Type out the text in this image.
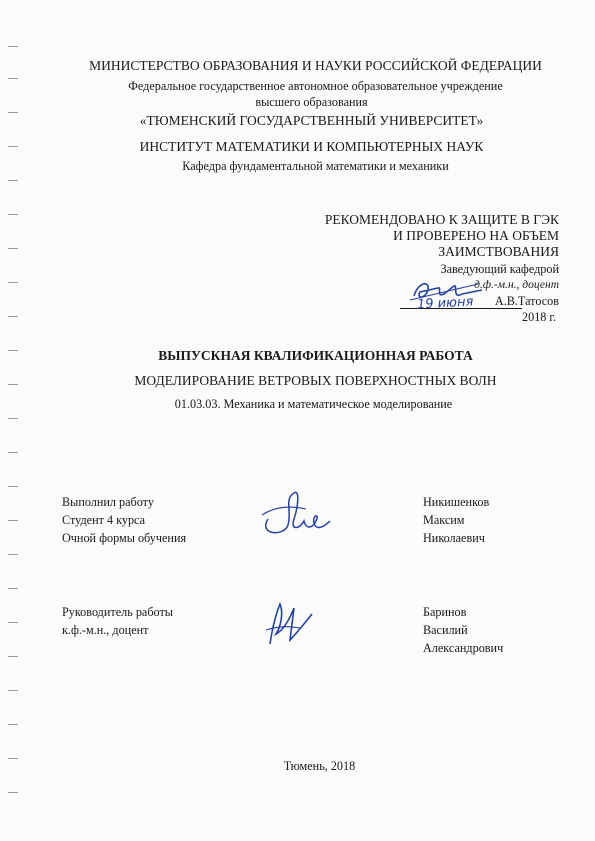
МИНИСТЕРСТВО ОБРАЗОВАНИЯ И НАУКИ РОССИЙСКОЙ ФЕДЕРАЦИИ
Федеральное государственное автономное образовательное учреждение
высшего образования
«ТЮМЕНСКИЙ ГОСУДАРСТВЕННЫЙ УНИВЕРСИТЕТ»
ИНСТИТУТ МАТЕМАТИКИ И КОМПЬЮТЕРНЫХ НАУК
Кафедра фундаментальной математики и механики
РЕКОМЕНДОВАНО К ЗАЩИТЕ В ГЭК
И ПРОВЕРЕНО НА ОБЪЕМ
ЗАИМСТВОВАНИЯ
Заведующий кафедрой
д.ф.-м.н., доцент
А.В.Татосов
19 июня
2018 г.
ВЫПУСКНАЯ КВАЛИФИКАЦИОННАЯ РАБОТА
МОДЕЛИРОВАНИЕ ВЕТРОВЫХ ПОВЕРХНОСТНЫХ ВОЛН
01.03.03. Механика и математическое моделирование
Выполнил работу
Студент 4 курса
Очной формы обучения
Никишенков
Максим
Николаевич
Руководитель работы
к.ф.-м.н., доцент
Баринов
Василий
Александрович
Тюмень, 2018
